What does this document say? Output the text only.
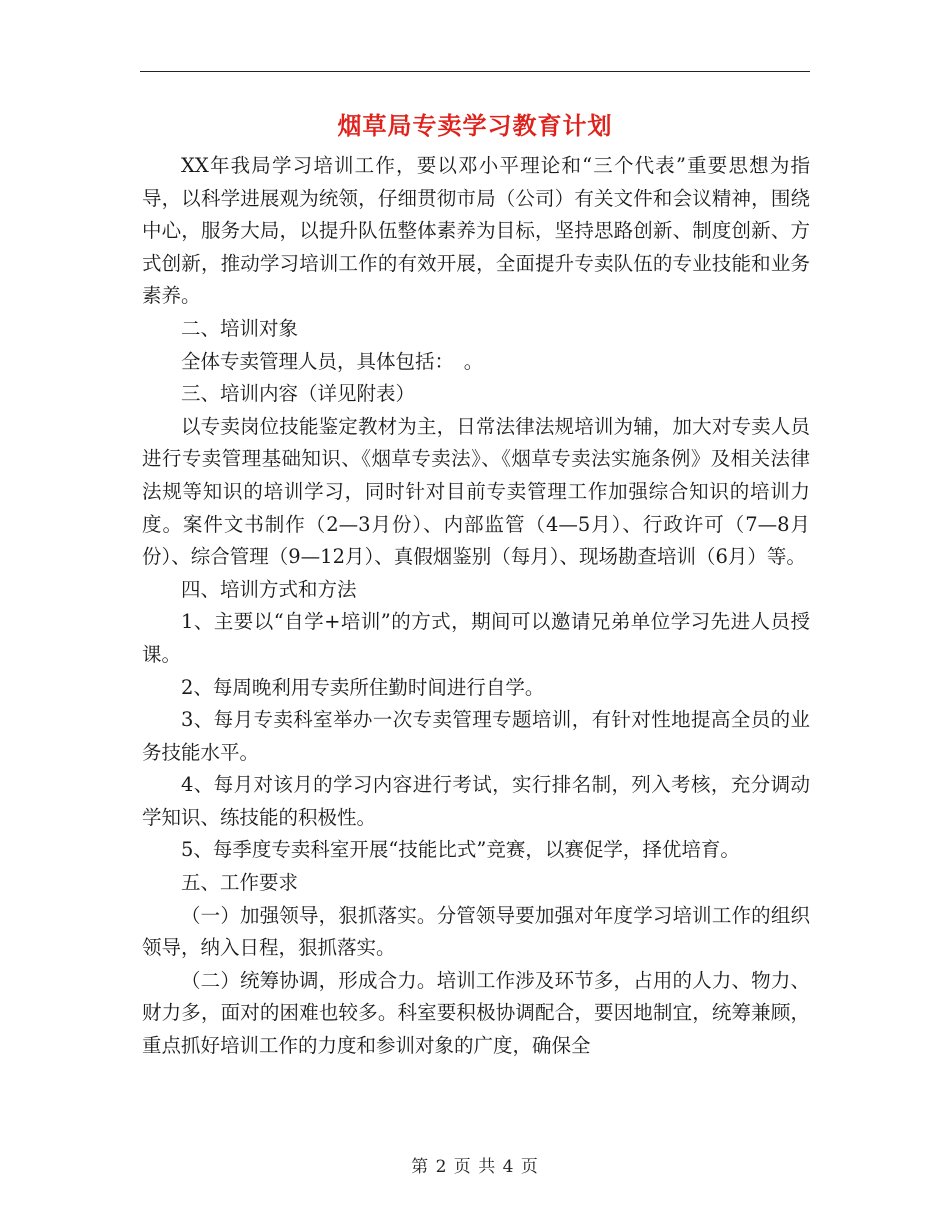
烟草局专卖学习教育计划

XX年我局学习培训工作，要以邓小平理论和“三个代表”重要思想为指导，以科学进展观为统领，仔细贯彻市局（公司）有关文件和会议精神，围绕中心，服务大局，以提升队伍整体素养为目标，坚持思路创新、制度创新、方式创新，推动学习培训工作的有效开展，全面提升专卖队伍的专业技能和业务素养。

二、培训对象

全体专卖管理人员，具体包括：　。

三、培训内容（详见附表）

以专卖岗位技能鉴定教材为主，日常法律法规培训为辅，加大对专卖人员进行专卖管理基础知识、《烟草专卖法》、《烟草专卖法实施条例》及相关法律法规等知识的培训学习，同时针对目前专卖管理工作加强综合知识的培训力度。案件文书制作（2—3月份）、内部监管（4—5月）、行政许可（7—8月份）、综合管理（9—12月）、真假烟鉴别（每月）、现场勘查培训（6月）等。

四、培训方式和方法

1、主要以“自学+培训”的方式，期间可以邀请兄弟单位学习先进人员授课。

2、每周晚利用专卖所住勤时间进行自学。

3、每月专卖科室举办一次专卖管理专题培训，有针对性地提高全员的业务技能水平。

4、每月对该月的学习内容进行考试，实行排名制，列入考核，充分调动学知识、练技能的积极性。

5、每季度专卖科室开展“技能比式”竞赛，以赛促学，择优培育。

五、工作要求

（一）加强领导，狠抓落实。分管领导要加强对年度学习培训工作的组织领导，纳入日程，狠抓落实。

（二）统筹协调，形成合力。培训工作涉及环节多，占用的人力、物力、财力多，面对的困难也较多。科室要积极协调配合，要因地制宜，统筹兼顾，重点抓好培训工作的力度和参训对象的广度，确保全

第 2 页 共 4 页
